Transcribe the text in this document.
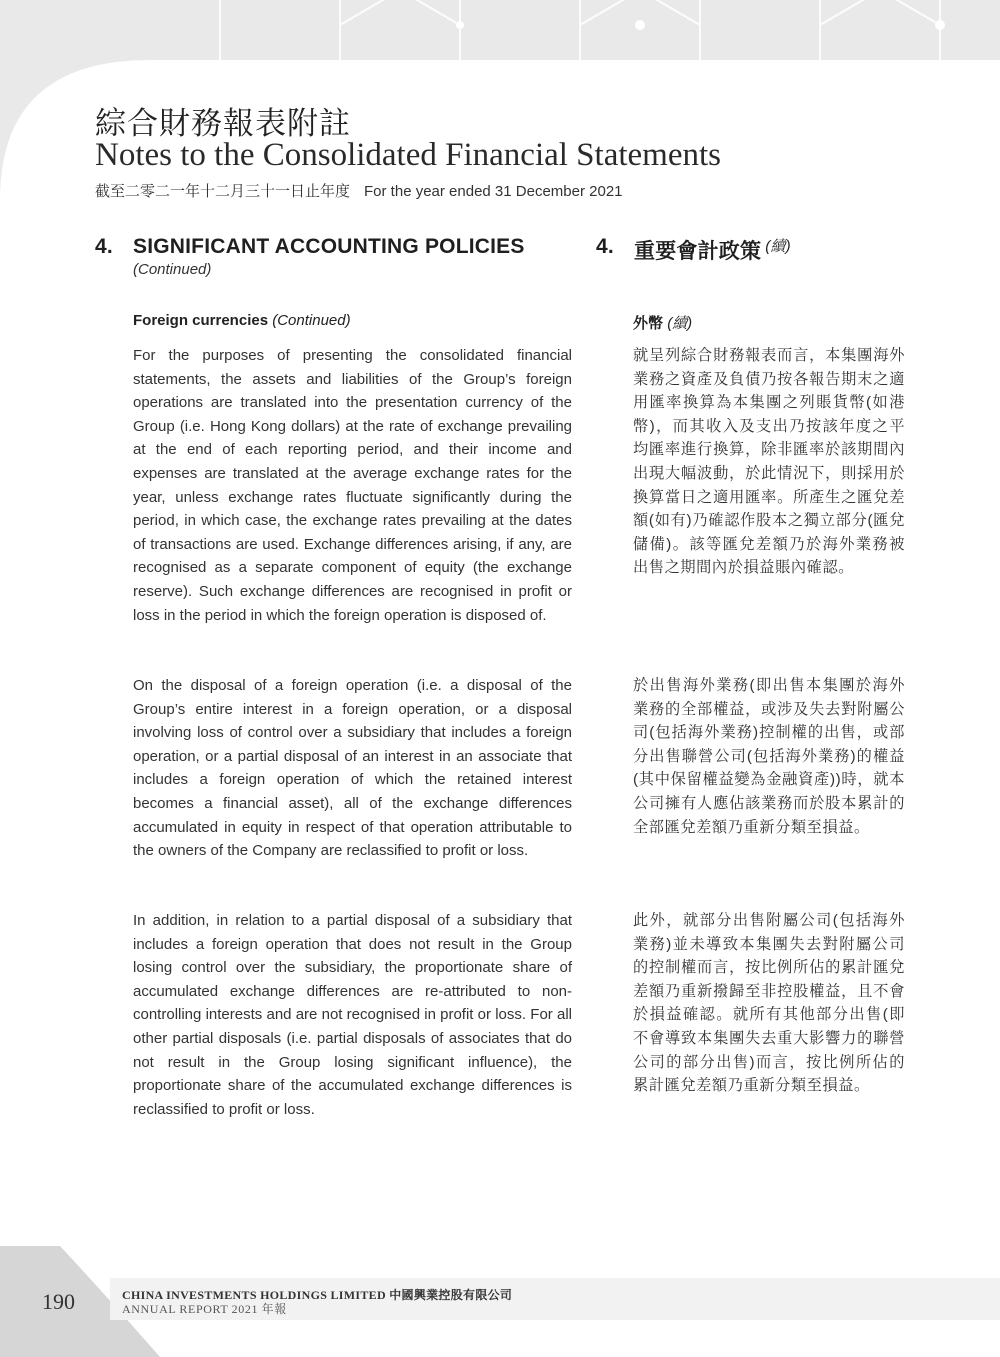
綜合財務報表附註
Notes to the Consolidated Financial Statements
截至二零二一年十二月三十一日止年度 For the year ended 31 December 2021
4. SIGNIFICANT ACCOUNTING POLICIES
(Continued)
4. 重要會計政策 (續)
Foreign currencies (Continued)	外幣 (續)

For the purposes of presenting the consolidated financial statements, the assets and liabilities of the Group’s foreign operations are translated into the presentation currency of the Group (i.e. Hong Kong dollars) at the rate of exchange prevailing at the end of each reporting period, and their income and expenses are translated at the average exchange rates for the year, unless exchange rates fluctuate significantly during the period, in which case, the exchange rates prevailing at the dates of transactions are used. Exchange differences arising, if any, are recognised as a separate component of equity (the exchange reserve). Such exchange differences are recognised in profit or loss in the period in which the foreign operation is disposed of.

On the disposal of a foreign operation (i.e. a disposal of the Group’s entire interest in a foreign operation, or a disposal involving loss of control over a subsidiary that includes a foreign operation, or a partial disposal of an interest in an associate that includes a foreign operation of which the retained interest becomes a financial asset), all of the exchange differences accumulated in equity in respect of that operation attributable to the owners of the Company are reclassified to profit or loss.

In addition, in relation to a partial disposal of a subsidiary that includes a foreign operation that does not result in the Group losing control over the subsidiary, the proportionate share of accumulated exchange differences are re-attributed to non-controlling interests and are not recognised in profit or loss. For all other partial disposals (i.e. partial disposals of associates that do not result in the Group losing significant influence), the proportionate share of the accumulated exchange differences is reclassified to profit or loss.

就呈列綜合財務報表而言，本集團海外業務之資產及負債乃按各報告期末之適用匯率換算為本集團之列賬貨幣(如港幣)，而其收入及支出乃按該年度之平均匯率進行換算，除非匯率於該期間內出現大幅波動，於此情況下，則採用於換算當日之適用匯率。所產生之匯兌差額(如有)乃確認作股本之獨立部分(匯兌儲備)。該等匯兌差額乃於海外業務被出售之期間內於損益賬內確認。

於出售海外業務(即出售本集團於海外業務的全部權益，或涉及失去對附屬公司(包括海外業務)控制權的出售，或部分出售聯營公司(包括海外業務)的權益(其中保留權益變為金融資產))時，就本公司擁有人應佔該業務而於股本累計的全部匯兌差額乃重新分類至損益。

此外，就部分出售附屬公司(包括海外業務)並未導致本集團失去對附屬公司的控制權而言，按比例所佔的累計匯兌差額乃重新撥歸至非控股權益，且不會於損益確認。就所有其他部分出售(即不會導致本集團失去重大影響力的聯營公司的部分出售)而言，按比例所佔的累計匯兌差額乃重新分類至損益。

190	CHINA INVESTMENTS HOLDINGS LIMITED 中國興業控股有限公司
ANNUAL REPORT 2021 年報
